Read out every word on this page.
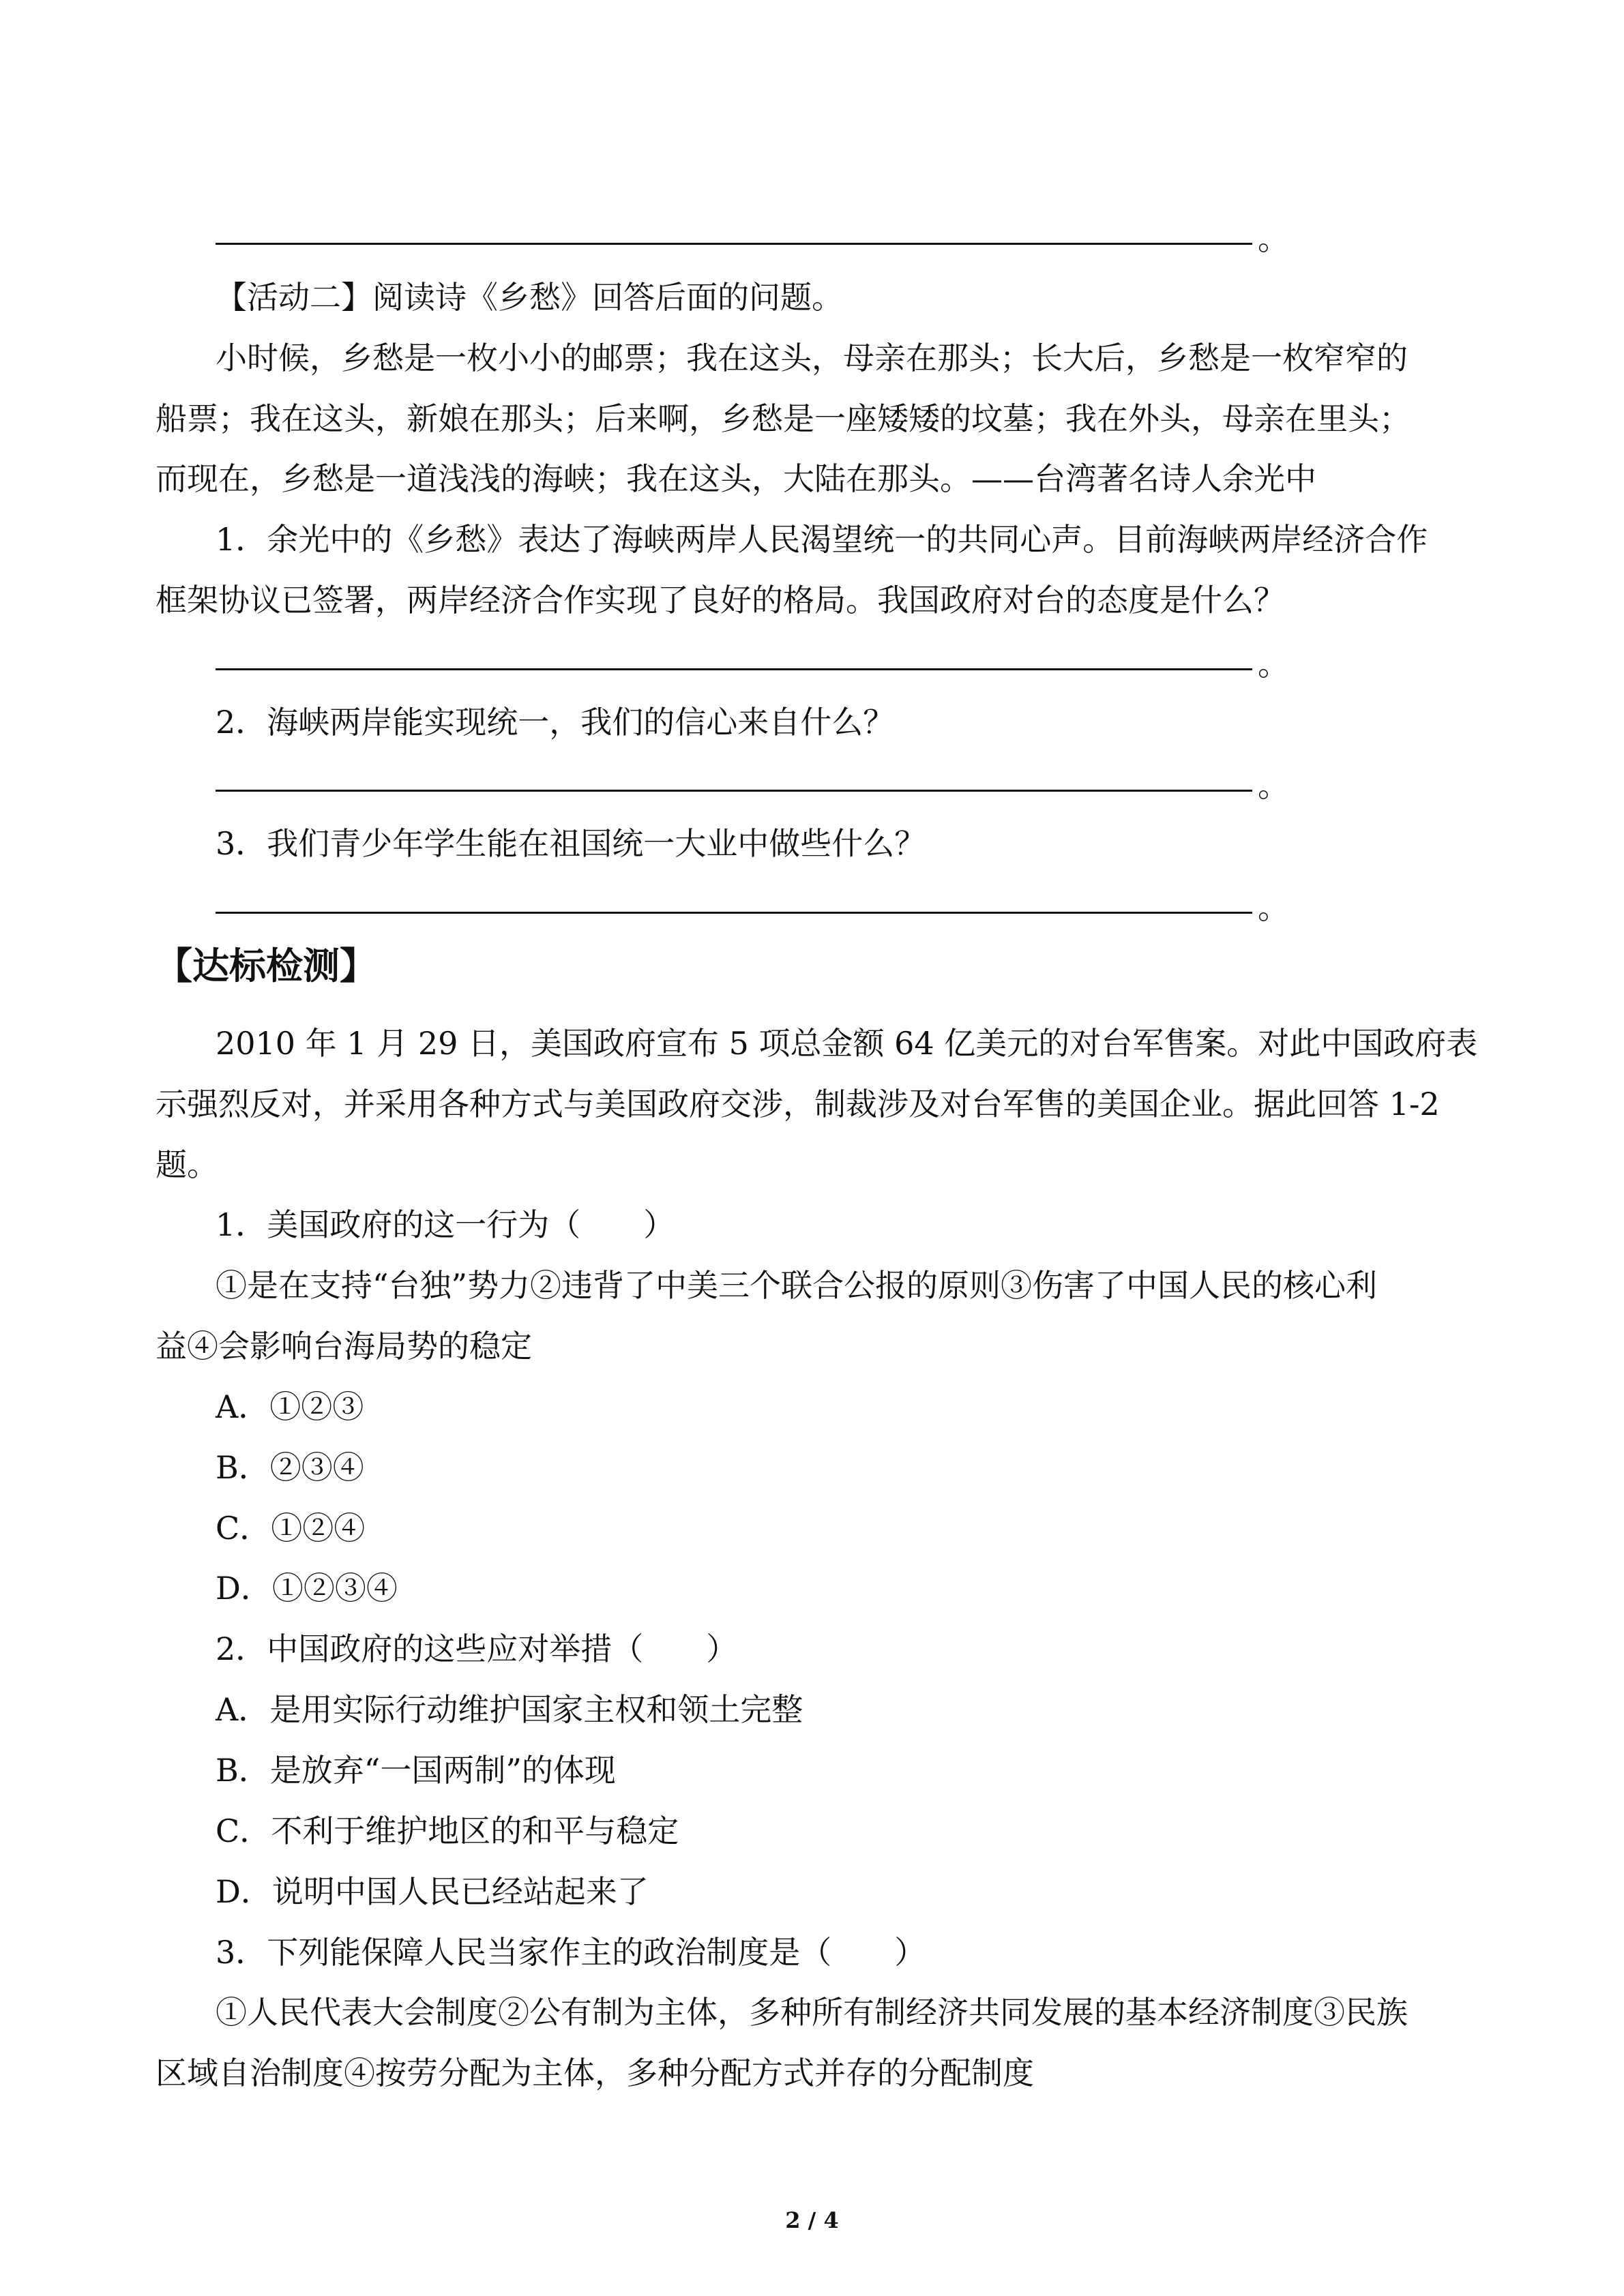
。
【活动二】阅读诗《乡愁》回答后面的问题。
小时候，乡愁是一枚小小的邮票；我在这头，母亲在那头；长大后，乡愁是一枚窄窄的
船票；我在这头，新娘在那头；后来啊，乡愁是一座矮矮的坟墓；我在外头，母亲在里头；
而现在，乡愁是一道浅浅的海峡；我在这头，大陆在那头。——台湾著名诗人余光中
1．余光中的《乡愁》表达了海峡两岸人民渴望统一的共同心声。目前海峡两岸经济合作
框架协议已签署，两岸经济合作实现了良好的格局。我国政府对台的态度是什么？
。
2．海峡两岸能实现统一，我们的信心来自什么？
。
3．我们青少年学生能在祖国统一大业中做些什么？
。
【达标检测】
2010 年 1 月 29 日，美国政府宣布 5 项总金额 64 亿美元的对台军售案。对此中国政府表
示强烈反对，并采用各种方式与美国政府交涉，制裁涉及对台军售的美国企业。据此回答 1-2
题。
1．美国政府的这一行为（　　）
①是在支持“台独”势力②违背了中美三个联合公报的原则③伤害了中国人民的核心利
益④会影响台海局势的稳定
A．①②③
B．②③④
C．①②④
D．①②③④
2．中国政府的这些应对举措（　　）
A．是用实际行动维护国家主权和领土完整
B．是放弃“一国两制”的体现
C．不利于维护地区的和平与稳定
D．说明中国人民已经站起来了
3．下列能保障人民当家作主的政治制度是（　　）
①人民代表大会制度②公有制为主体，多种所有制经济共同发展的基本经济制度③民族
区域自治制度④按劳分配为主体，多种分配方式并存的分配制度
2 / 4
